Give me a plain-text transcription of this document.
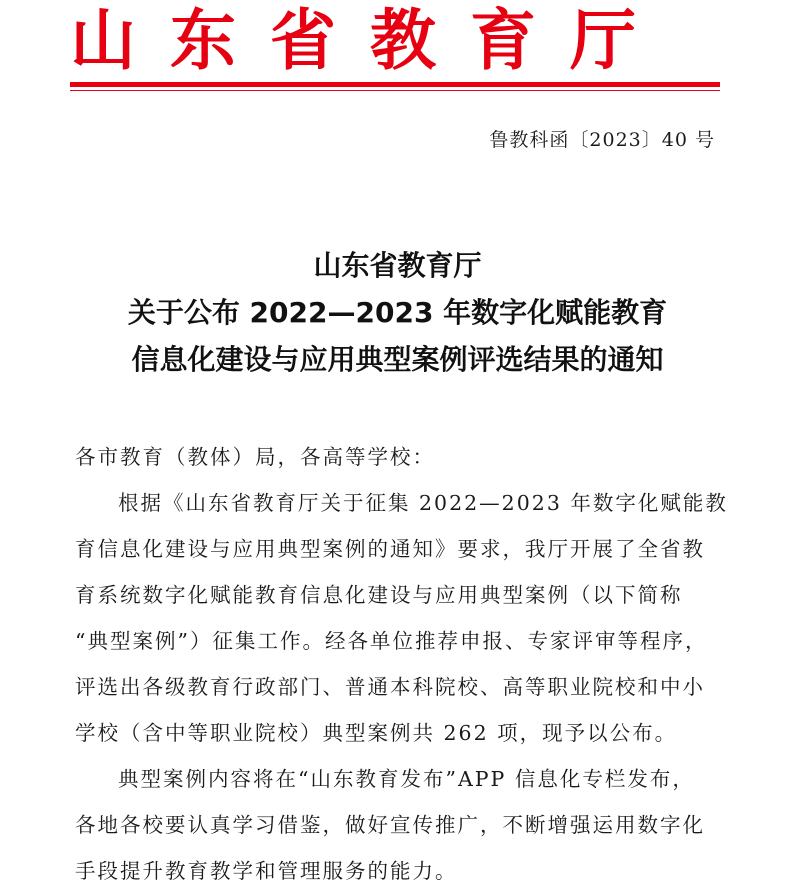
山东省教育厅
鲁教科函〔2023〕40 号
山东省教育厅
关于公布 2022—2023 年数字化赋能教育
信息化建设与应用典型案例评选结果的通知
各市教育（教体）局，各高等学校：
根据《山东省教育厅关于征集 2022—2023 年数字化赋能教
育信息化建设与应用典型案例的通知》要求，我厅开展了全省教
育系统数字化赋能教育信息化建设与应用典型案例（以下简称
“典型案例”）征集工作。经各单位推荐申报、专家评审等程序，
评选出各级教育行政部门、普通本科院校、高等职业院校和中小
学校（含中等职业院校）典型案例共 262 项，现予以公布。
典型案例内容将在“山东教育发布”APP 信息化专栏发布，
各地各校要认真学习借鉴，做好宣传推广，不断增强运用数字化
手段提升教育教学和管理服务的能力。
